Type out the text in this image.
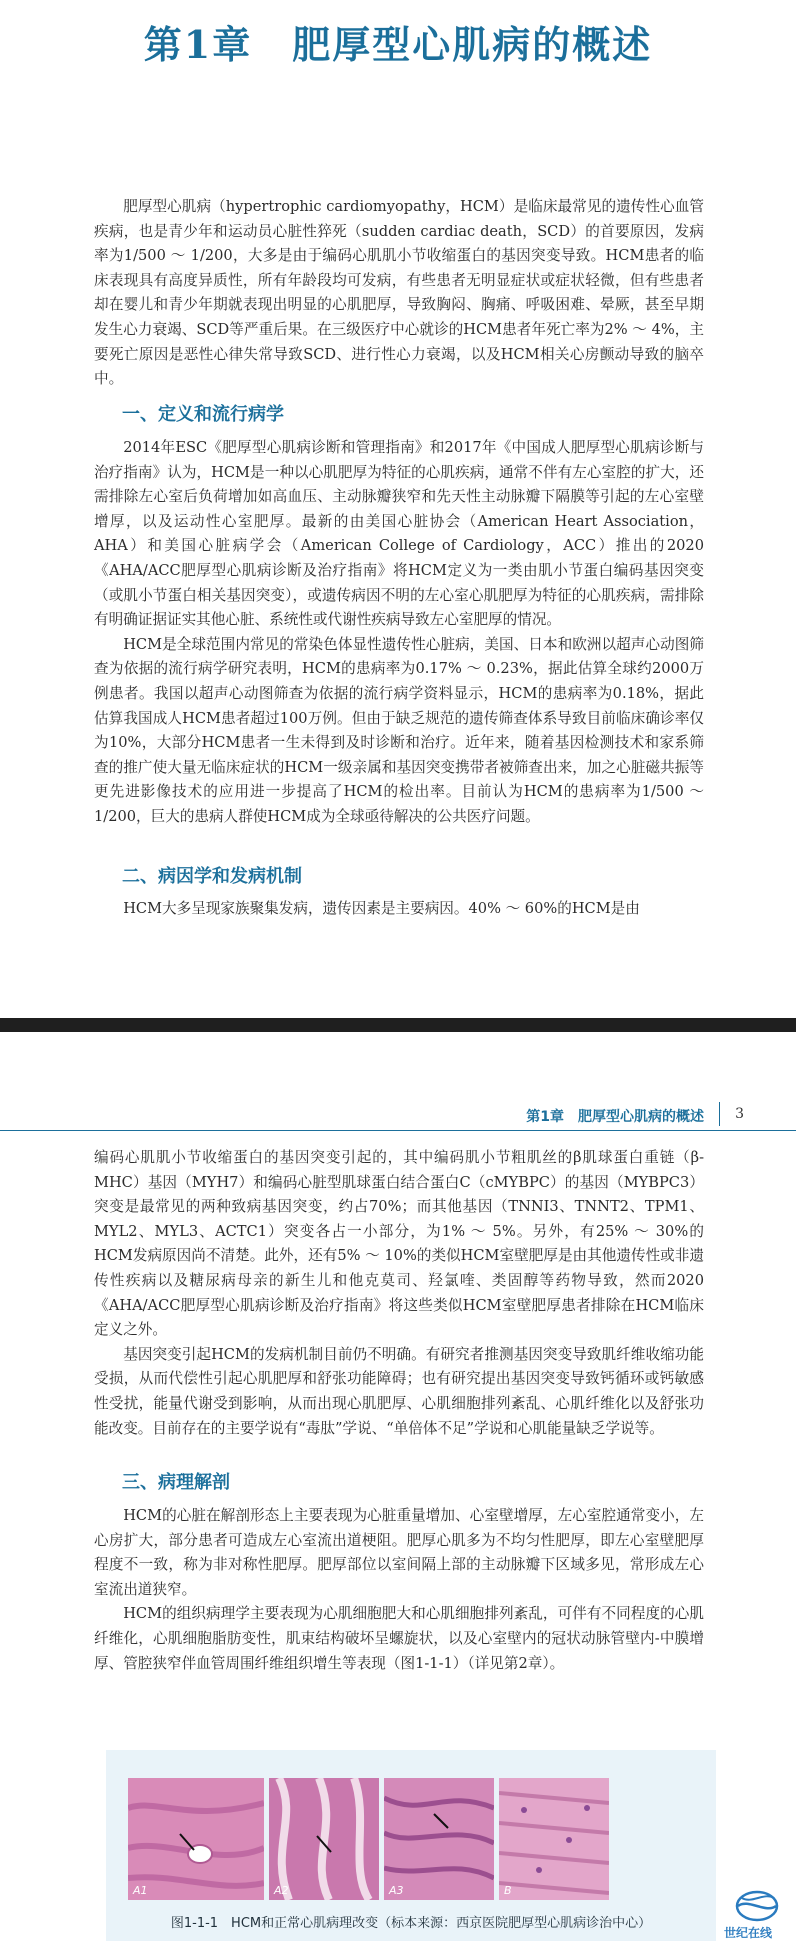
第1章　肥厚型心肌病的概述

肥厚型心肌病（hypertrophic cardiomyopathy，HCM）是临床最常见的遗传性心血管疾病，也是青少年和运动员心脏性猝死（sudden cardiac death，SCD）的首要原因，发病率为1/500 ～ 1/200，大多是由于编码心肌肌小节收缩蛋白的基因突变导致。HCM患者的临床表现具有高度异质性，所有年龄段均可发病，有些患者无明显症状或症状轻微，但有些患者却在婴儿和青少年期就表现出明显的心肌肥厚，导致胸闷、胸痛、呼吸困难、晕厥，甚至早期发生心力衰竭、SCD等严重后果。在三级医疗中心就诊的HCM患者年死亡率为2% ～ 4%，主要死亡原因是恶性心律失常导致SCD、进行性心力衰竭，以及HCM相关心房颤动导致的脑卒中。

一、定义和流行病学

2014年ESC《肥厚型心肌病诊断和管理指南》和2017年《中国成人肥厚型心肌病诊断与治疗指南》认为，HCM是一种以心肌肥厚为特征的心肌疾病，通常不伴有左心室腔的扩大，还需排除左心室后负荷增加如高血压、主动脉瓣狭窄和先天性主动脉瓣下隔膜等引起的左心室壁增厚，以及运动性心室肥厚。最新的由美国心脏协会（American Heart Association，AHA）和美国心脏病学会（American College of Cardiology，ACC）推出的2020《AHA/ACC肥厚型心肌病诊断及治疗指南》将HCM定义为一类由肌小节蛋白编码基因突变（或肌小节蛋白相关基因突变），或遗传病因不明的左心室心肌肥厚为特征的心肌疾病，需排除有明确证据证实其他心脏、系统性或代谢性疾病导致左心室肥厚的情况。

HCM是全球范围内常见的常染色体显性遗传性心脏病，美国、日本和欧洲以超声心动图筛查为依据的流行病学研究表明，HCM的患病率为0.17% ～ 0.23%，据此估算全球约2000万例患者。我国以超声心动图筛查为依据的流行病学资料显示，HCM的患病率为0.18%，据此估算我国成人HCM患者超过100万例。但由于缺乏规范的遗传筛查体系导致目前临床确诊率仅为10%，大部分HCM患者一生未得到及时诊断和治疗。近年来，随着基因检测技术和家系筛查的推广使大量无临床症状的HCM一级亲属和基因突变携带者被筛查出来，加之心脏磁共振等更先进影像技术的应用进一步提高了HCM的检出率。目前认为HCM的患病率为1/500 ～ 1/200，巨大的患病人群使HCM成为全球亟待解决的公共医疗问题。

二、病因学和发病机制

HCM大多呈现家族聚集发病，遗传因素是主要病因。40% ～ 60%的HCM是由

第1章　肥厚型心肌病的概述 3

编码心肌肌小节收缩蛋白的基因突变引起的，其中编码肌小节粗肌丝的β肌球蛋白重链（β-MHC）基因（MYH7）和编码心脏型肌球蛋白结合蛋白C（cMYBPC）的基因（MYBPC3）突变是最常见的两种致病基因突变，约占70%；而其他基因（TNNI3、TNNT2、TPM1、MYL2、MYL3、ACTC1）突变各占一小部分，为1% ～ 5%。另外，有25% ～ 30%的HCM发病原因尚不清楚。此外，还有5% ～ 10%的类似HCM室壁肥厚是由其他遗传性或非遗传性疾病以及糖尿病母亲的新生儿和他克莫司、羟氯喹、类固醇等药物导致，然而2020《AHA/ACC肥厚型心肌病诊断及治疗指南》将这些类似HCM室壁肥厚患者排除在HCM临床定义之外。

基因突变引起HCM的发病机制目前仍不明确。有研究者推测基因突变导致肌纤维收缩功能受损，从而代偿性引起心肌肥厚和舒张功能障碍；也有研究提出基因突变导致钙循环或钙敏感性受扰，能量代谢受到影响，从而出现心肌肥厚、心肌细胞排列紊乱、心肌纤维化以及舒张功能改变。目前存在的主要学说有“毒肽”学说、“单倍体不足”学说和心肌能量缺乏学说等。

三、病理解剖

HCM的心脏在解剖形态上主要表现为心脏重量增加、心室壁增厚，左心室腔通常变小，左心房扩大，部分患者可造成左心室流出道梗阻。肥厚心肌多为不均匀性肥厚，即左心室壁肥厚程度不一致，称为非对称性肥厚。肥厚部位以室间隔上部的主动脉瓣下区域多见，常形成左心室流出道狭窄。

HCM的组织病理学主要表现为心肌细胞肥大和心肌细胞排列紊乱，可伴有不同程度的心肌纤维化，心肌细胞脂肪变性，肌束结构破坏呈螺旋状，以及心室壁内的冠状动脉管壁内-中膜增厚、管腔狭窄伴血管周围纤维组织增生等表现（图1-1-1）（详见第2章）。

A1	A2	A3	B
图1-1-1　HCM和正常心肌病理改变（标本来源：西京医院肥厚型心肌病诊治中心）
世纪在线
